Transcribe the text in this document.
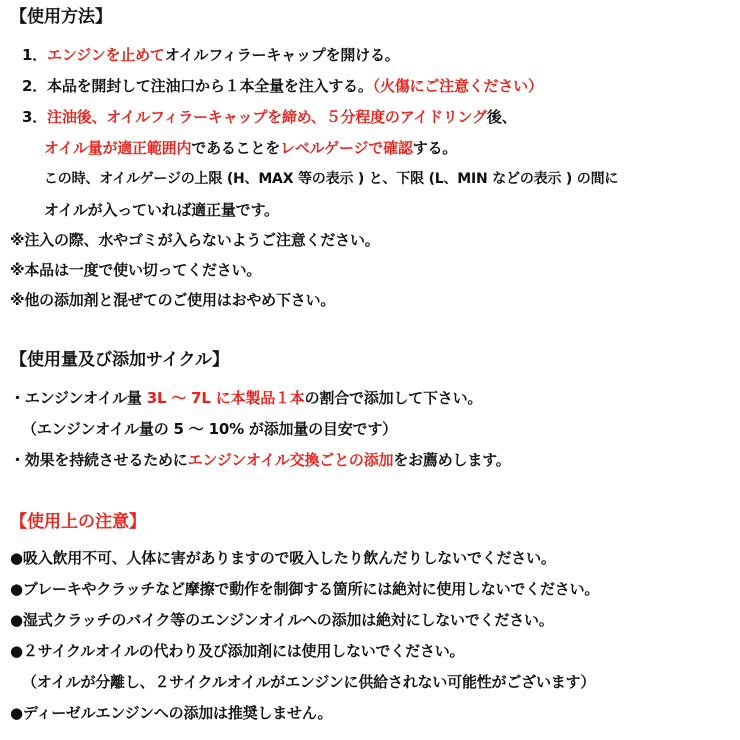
【使用方法】
1．エンジンを止めてオイルフィラーキャップを開ける。
2．本品を開封して注油口から１本全量を注入する。（火傷にご注意ください）
3．注油後、オイルフィラーキャップを締め、５分程度のアイドリング後、
オイル量が適正範囲内であることをレベルゲージで確認する。
この時、オイルゲージの上限 (H、MAX 等の表示 ) と、下限 (L、MIN などの表示 ) の間に
オイルが入っていれば適正量です。
※注入の際、水やゴミが入らないようご注意ください。
※本品は一度で使い切ってください。
※他の添加剤と混ぜてのご使用はおやめ下さい。
【使用量及び添加サイクル】
・エンジンオイル量 3L ～ 7L に本製品１本の割合で添加して下さい。
（エンジンオイル量の 5 ～ 10% が添加量の目安です）
・効果を持続させるためにエンジンオイル交換ごとの添加をお薦めします。
【使用上の注意】
●吸入飲用不可、人体に害がありますので吸入したり飲んだりしないでください。
●ブレーキやクラッチなど摩擦で動作を制御する箇所には絶対に使用しないでください。
●湿式クラッチのバイク等のエンジンオイルへの添加は絶対にしないでください。
●２サイクルオイルの代わり及び添加剤には使用しないでください。
（オイルが分離し、２サイクルオイルがエンジンに供給されない可能性がございます）
●ディーゼルエンジンへの添加は推奨しません。
